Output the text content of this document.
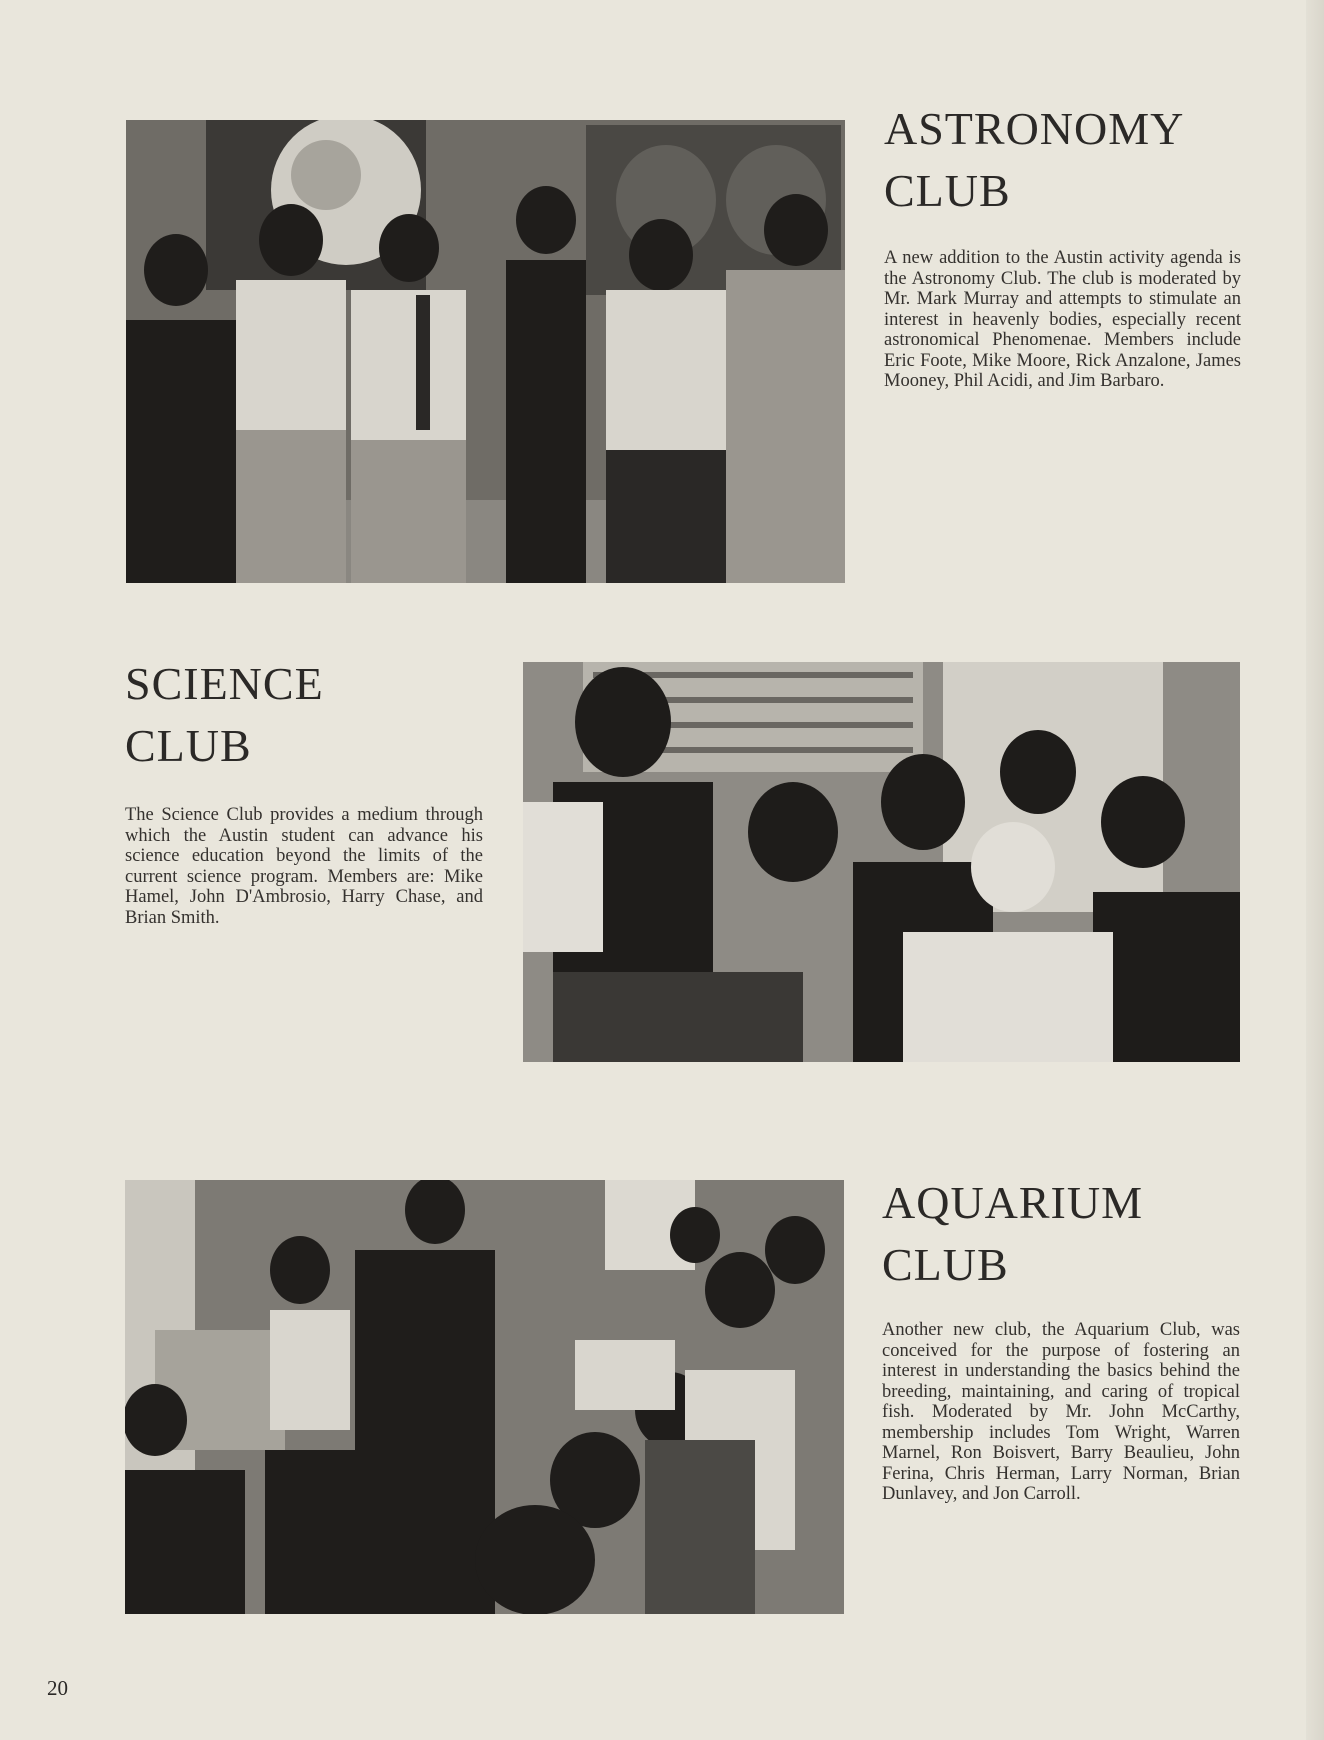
ASTRONOMY
CLUB

A new addition to the Austin activity agenda is the Astronomy Club. The club is moderated by Mr. Mark Murray and attempts to stimulate an interest in heavenly bodies, especially recent astronomical Phenomenae. Members include Eric Foote, Mike Moore, Rick Anzalone, James Mooney, Phil Acidi, and Jim Barbaro.

SCIENCE
CLUB

The Science Club provides a medium through which the Austin student can advance his science education beyond the limits of the current science program. Members are: Mike Hamel, John D'Ambrosio, Harry Chase, and Brian Smith.

AQUARIUM
CLUB

Another new club, the Aquarium Club, was conceived for the purpose of fostering an interest in understanding the basics behind the breeding, maintaining, and caring of tropical fish. Moderated by Mr. John McCarthy, membership includes Tom Wright, Warren Marnel, Ron Boisvert, Barry Beaulieu, John Ferina, Chris Herman, Larry Norman, Brian Dunlavey, and Jon Carroll.

20
